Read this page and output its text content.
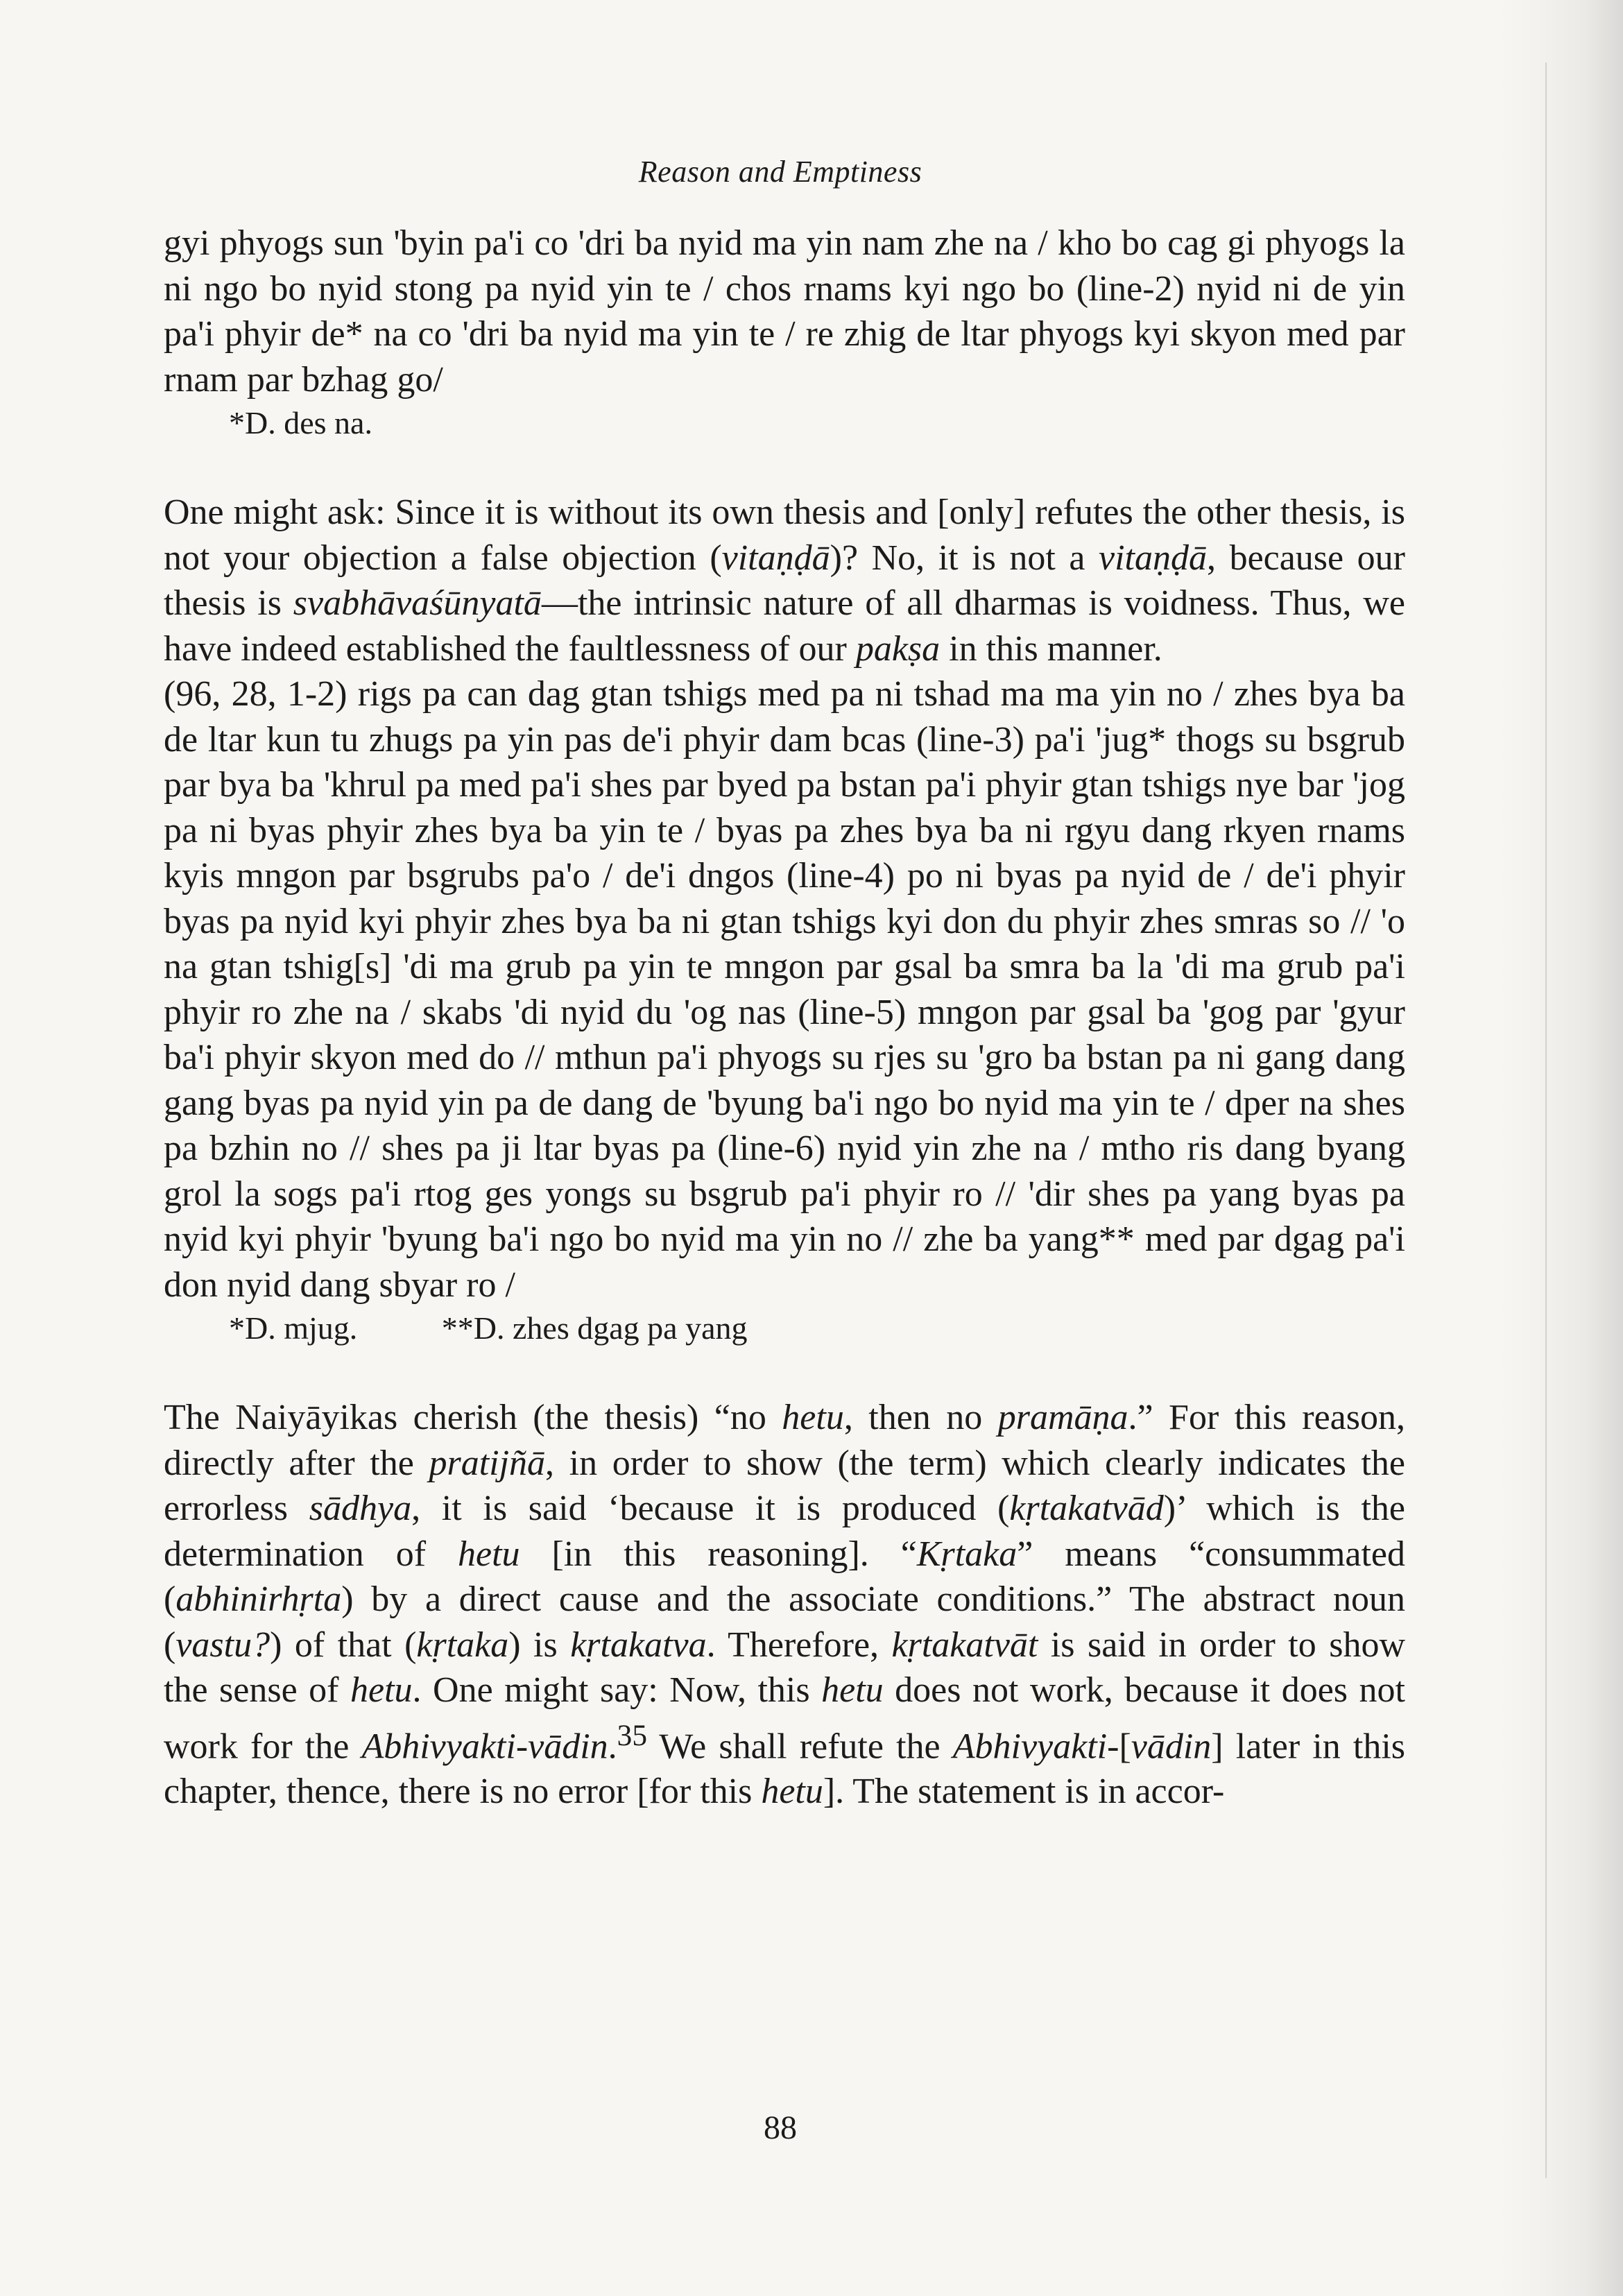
Reason and Emptiness

gyi phyogs sun 'byin pa'i co 'dri ba nyid ma yin nam zhe na / kho bo cag gi phyogs la ni ngo bo nyid stong pa nyid yin te / chos rnams kyi ngo bo (line-2) nyid ni de yin pa'i phyir de* na co 'dri ba nyid ma yin te / re zhig de ltar phyogs kyi skyon med par rnam par bzhag go/

*D. des na.

One might ask: Since it is without its own thesis and [only] refutes the other thesis, is not your objection a false objection (vitaṇḍā)? No, it is not a vitaṇḍā, because our thesis is svabhāvaśūnyatā—the intrinsic nature of all dharmas is voidness. Thus, we have indeed established the faultlessness of our pakṣa in this manner.

(96, 28, 1-2) rigs pa can dag gtan tshigs med pa ni tshad ma ma yin no / zhes bya ba de ltar kun tu zhugs pa yin pas de'i phyir dam bcas (line-3) pa'i 'jug* thogs su bsgrub par bya ba 'khrul pa med pa'i shes par byed pa bstan pa'i phyir gtan tshigs nye bar 'jog pa ni byas phyir zhes bya ba yin te / byas pa zhes bya ba ni rgyu dang rkyen rnams kyis mngon par bsgrubs pa'o / de'i dngos (line-4) po ni byas pa nyid de / de'i phyir byas pa nyid kyi phyir zhes bya ba ni gtan tshigs kyi don du phyir zhes smras so // 'o na gtan tshig[s] 'di ma grub pa yin te mngon par gsal ba smra ba la 'di ma grub pa'i phyir ro zhe na / skabs 'di nyid du 'og nas (line-5) mngon par gsal ba 'gog par 'gyur ba'i phyir skyon med do // mthun pa'i phyogs su rjes su 'gro ba bstan pa ni gang dang gang byas pa nyid yin pa de dang de 'byung ba'i ngo bo nyid ma yin te / dper na shes pa bzhin no // shes pa ji ltar byas pa (line-6) nyid yin zhe na / mtho ris dang byang grol la sogs pa'i rtog ges yongs su bsgrub pa'i phyir ro // 'dir shes pa yang byas pa nyid kyi phyir 'byung ba'i ngo bo nyid ma yin no // zhe ba yang** med par dgag pa'i don nyid dang sbyar ro /

*D. mjug.	**D. zhes dgag pa yang

The Naiyāyikas cherish (the thesis) “no hetu, then no pramāṇa.” For this reason, directly after the pratijñā, in order to show (the term) which clearly indicates the errorless sādhya, it is said ‘because it is produced (kṛtakatvād)’ which is the determination of hetu [in this reasoning]. “Kṛtaka” means “consummated (abhinirhṛta) by a direct cause and the associate conditions.” The abstract noun (vastu?) of that (kṛtaka) is kṛtakatva. Therefore, kṛtakatvāt is said in order to show the sense of hetu. One might say: Now, this hetu does not work, because it does not work for the Abhivyakti-vādin.$^{35}$ We shall refute the Abhivyakti-[vādin] later in this chapter, thence, there is no error [for this hetu]. The statement is in accor-

88
